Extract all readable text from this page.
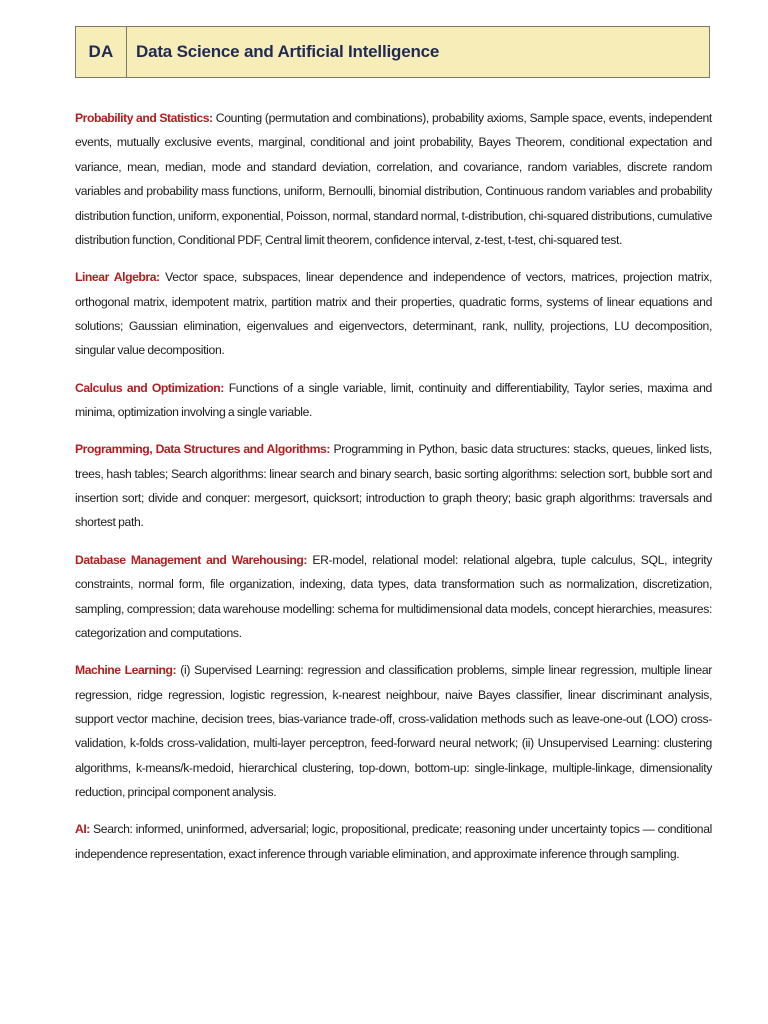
DA	Data Science and Artificial Intelligence

Probability and Statistics: Counting (permutation and combinations), probability axioms, Sample space, events, independent events, mutually exclusive events, marginal, conditional and joint probability, Bayes Theorem, conditional expectation and variance, mean, median, mode and standard deviation, correlation, and covariance, random variables, discrete random variables and probability mass functions, uniform, Bernoulli, binomial distribution, Continuous random variables and probability distribution function, uniform, exponential, Poisson, normal, standard normal, t-distribution, chi-squared distributions, cumulative distribution function, Conditional PDF, Central limit theorem, confidence interval, z-test, t-test, chi-squared test.

Linear Algebra: Vector space, subspaces, linear dependence and independence of vectors, matrices, projection matrix, orthogonal matrix, idempotent matrix, partition matrix and their properties, quadratic forms, systems of linear equations and solutions; Gaussian elimination, eigenvalues and eigenvectors, determinant, rank, nullity, projections, LU decomposition, singular value decomposition.

Calculus and Optimization: Functions of a single variable, limit, continuity and differentiability, Taylor series, maxima and minima, optimization involving a single variable.

Programming, Data Structures and Algorithms: Programming in Python, basic data structures: stacks, queues, linked lists, trees, hash tables; Search algorithms: linear search and binary search, basic sorting algorithms: selection sort, bubble sort and insertion sort; divide and conquer: mergesort, quicksort; introduction to graph theory; basic graph algorithms: traversals and shortest path.

Database Management and Warehousing: ER-model, relational model: relational algebra, tuple calculus, SQL, integrity constraints, normal form, file organization, indexing, data types, data transformation such as normalization, discretization, sampling, compression; data warehouse modelling: schema for multidimensional data models, concept hierarchies, measures: categorization and computations.

Machine Learning: (i) Supervised Learning: regression and classification problems, simple linear regression, multiple linear regression, ridge regression, logistic regression, k-nearest neighbour, naive Bayes classifier, linear discriminant analysis, support vector machine, decision trees, bias-variance trade-off, cross-validation methods such as leave-one-out (LOO) cross-validation, k-folds cross-validation, multi-layer perceptron, feed-forward neural network; (ii) Unsupervised Learning: clustering algorithms, k-means/k-medoid, hierarchical clustering, top-down, bottom-up: single-linkage, multiple-linkage, dimensionality reduction, principal component analysis.

AI: Search: informed, uninformed, adversarial; logic, propositional, predicate; reasoning under uncertainty topics — conditional independence representation, exact inference through variable elimination, and approximate inference through sampling.
